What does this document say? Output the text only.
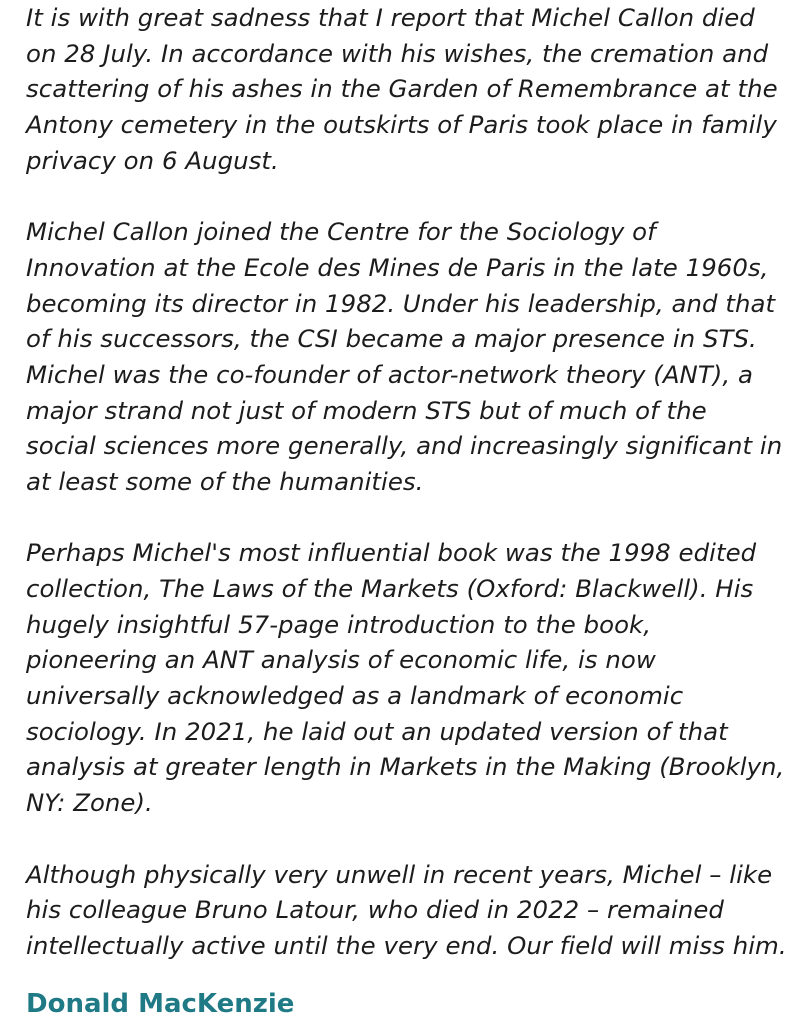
It is with great sadness that I report that Michel Callon died
on 28 July. In accordance with his wishes, the cremation and
scattering of his ashes in the Garden of Remembrance at the
Antony cemetery in the outskirts of Paris took place in family
privacy on 6 August.
Michel Callon joined the Centre for the Sociology of
Innovation at the Ecole des Mines de Paris in the late 1960s,
becoming its director in 1982. Under his leadership, and that
of his successors, the CSI became a major presence in STS.
Michel was the co-founder of actor-network theory (ANT), a
major strand not just of modern STS but of much of the
social sciences more generally, and increasingly significant in
at least some of the humanities.
Perhaps Michel's most influential book was the 1998 edited
collection, The Laws of the Markets (Oxford: Blackwell). His
hugely insightful 57-page introduction to the book,
pioneering an ANT analysis of economic life, is now
universally acknowledged as a landmark of economic
sociology. In 2021, he laid out an updated version of that
analysis at greater length in Markets in the Making (Brooklyn,
NY: Zone).
Although physically very unwell in recent years, Michel – like
his colleague Bruno Latour, who died in 2022 – remained
intellectually active until the very end. Our field will miss him.
Donald MacKenzie
